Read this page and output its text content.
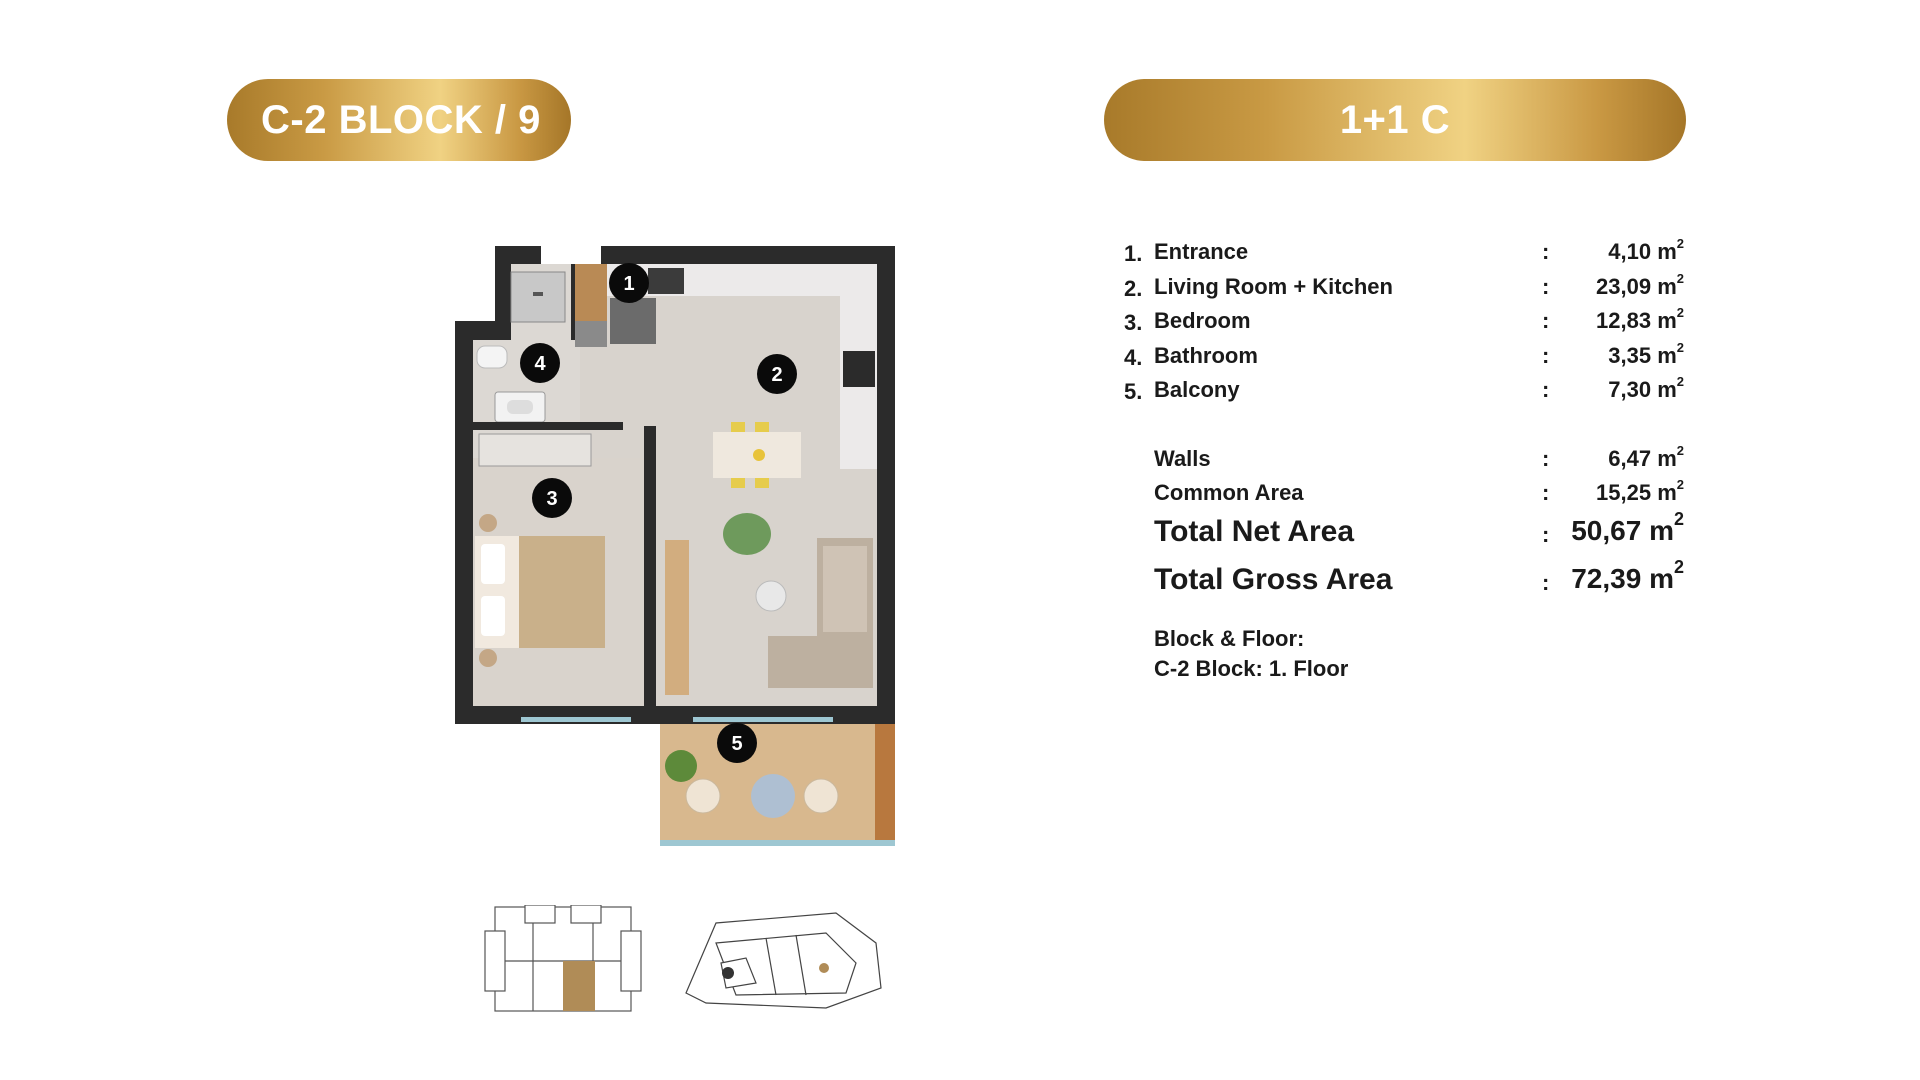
C-2 BLOCK / 9	1+1 C
1
4	2
3
5
1. Entrance	:	4,10 $m^2$
2. Living Room + Kitchen	: 23,09 $m^2$
3. Bedroom	: 12,83 $m^2$
4. Bathroom	:	3,35 $m^2$
5. Balcony	:	7,30 $m^2$
Walls	:	6,47 $m^2$
Common Area	: 15,25 $m^2$
Total Net Area	: 50,67 $m^2$
Total Gross Area	: 72,39 $m^2$
Block & Floor:
C-2 Block: 1. Floor
